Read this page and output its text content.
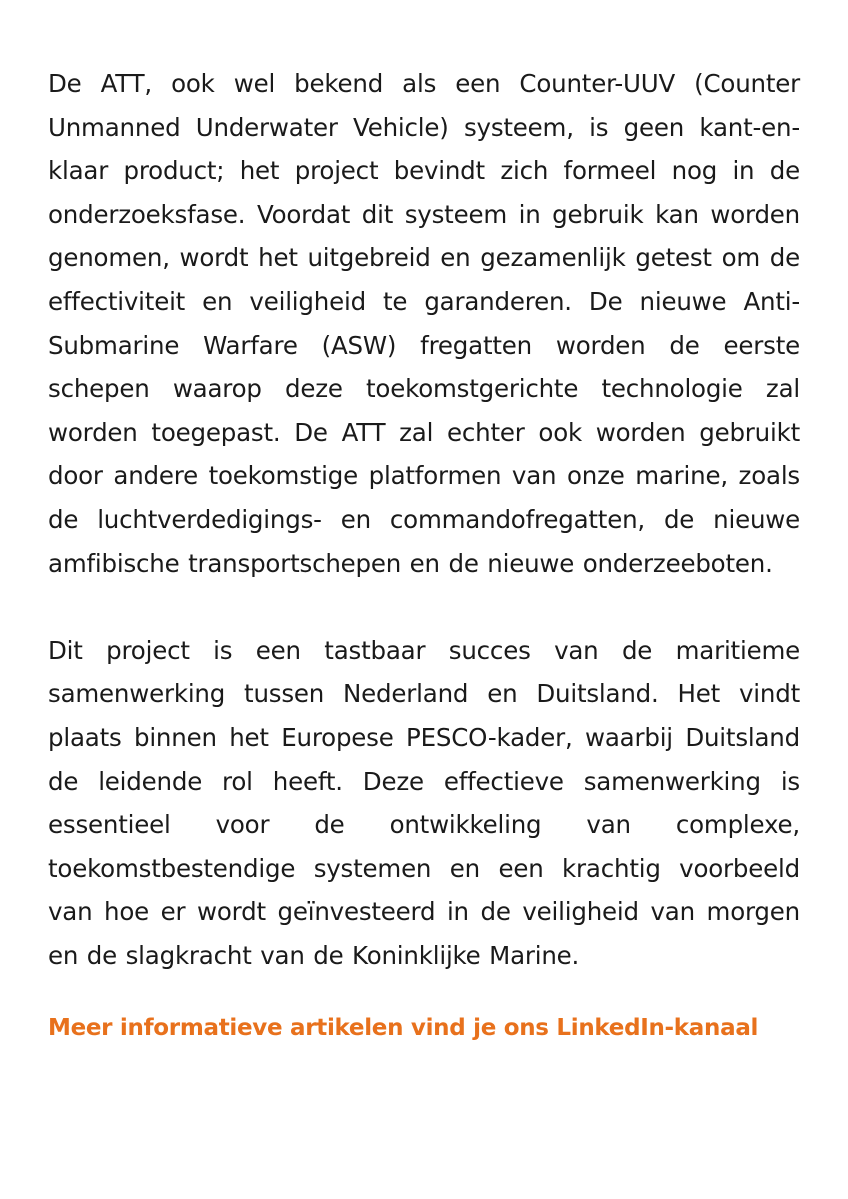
De ATT, ook wel bekend als een Counter-UUV (Counter Unmanned Underwater Vehicle) systeem, is geen kant-en-klaar product; het project bevindt zich formeel nog in de onderzoeksfase. Voordat dit systeem in gebruik kan worden genomen, wordt het uitgebreid en gezamenlijk getest om de effectiviteit en veiligheid te garanderen. De nieuwe Anti-Submarine Warfare (ASW) fregatten worden de eerste schepen waarop deze toekomstgerichte technologie zal worden toegepast. De ATT zal echter ook worden gebruikt door andere toekomstige platformen van onze marine, zoals de luchtverdedigings- en commandofregatten, de nieuwe amfibische transportschepen en de nieuwe onderzeeboten.

Dit project is een tastbaar succes van de maritieme samenwerking tussen Nederland en Duitsland. Het vindt plaats binnen het Europese PESCO-kader, waarbij Duitsland de leidende rol heeft. Deze effectieve samenwerking is essentieel voor de ontwikkeling van complexe, toekomstbestendige systemen en een krachtig voorbeeld van hoe er wordt geïnvesteerd in de veiligheid van morgen en de slagkracht van de Koninklijke Marine.

Meer informatieve artikelen vind je ons LinkedIn-kanaal
